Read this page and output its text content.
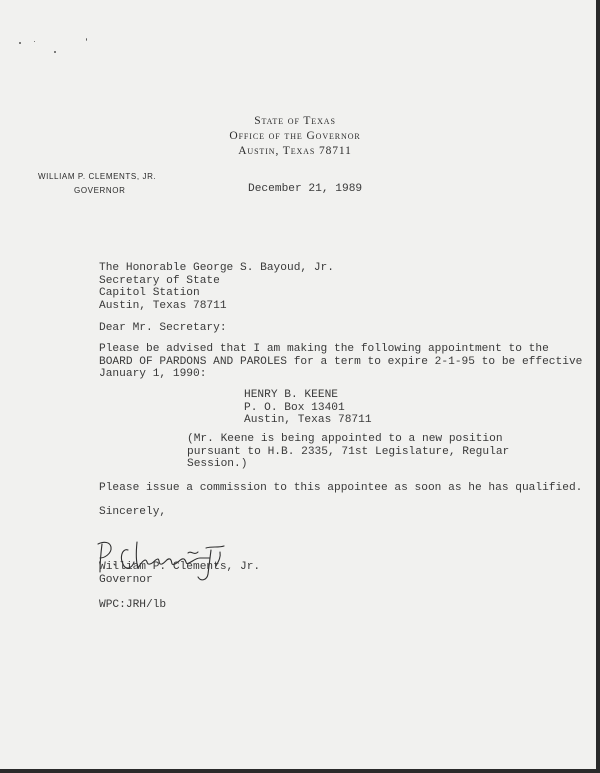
State of Texas
Office of the Governor
Austin, Texas 78711
WILLIAM P. CLEMENTS, JR.
GOVERNOR	December 21, 1989
The Honorable George S. Bayoud, Jr.
Secretary of State
Capitol Station
Austin, Texas 78711
Dear Mr. Secretary:
Please be advised that I am making the following appointment to the
BOARD OF PARDONS AND PAROLES for a term to expire 2-1-95 to be effective
January 1, 1990:
HENRY B. KEENE
P. O. Box 13401
Austin, Texas 78711
(Mr. Keene is being appointed to a new position
pursuant to H.B. 2335, 71st Legislature, Regular
Session.)
Please issue a commission to this appointee as soon as he has qualified.
Sincerely,
William P. Clements, Jr.
Governor
WPC:JRH/lb
